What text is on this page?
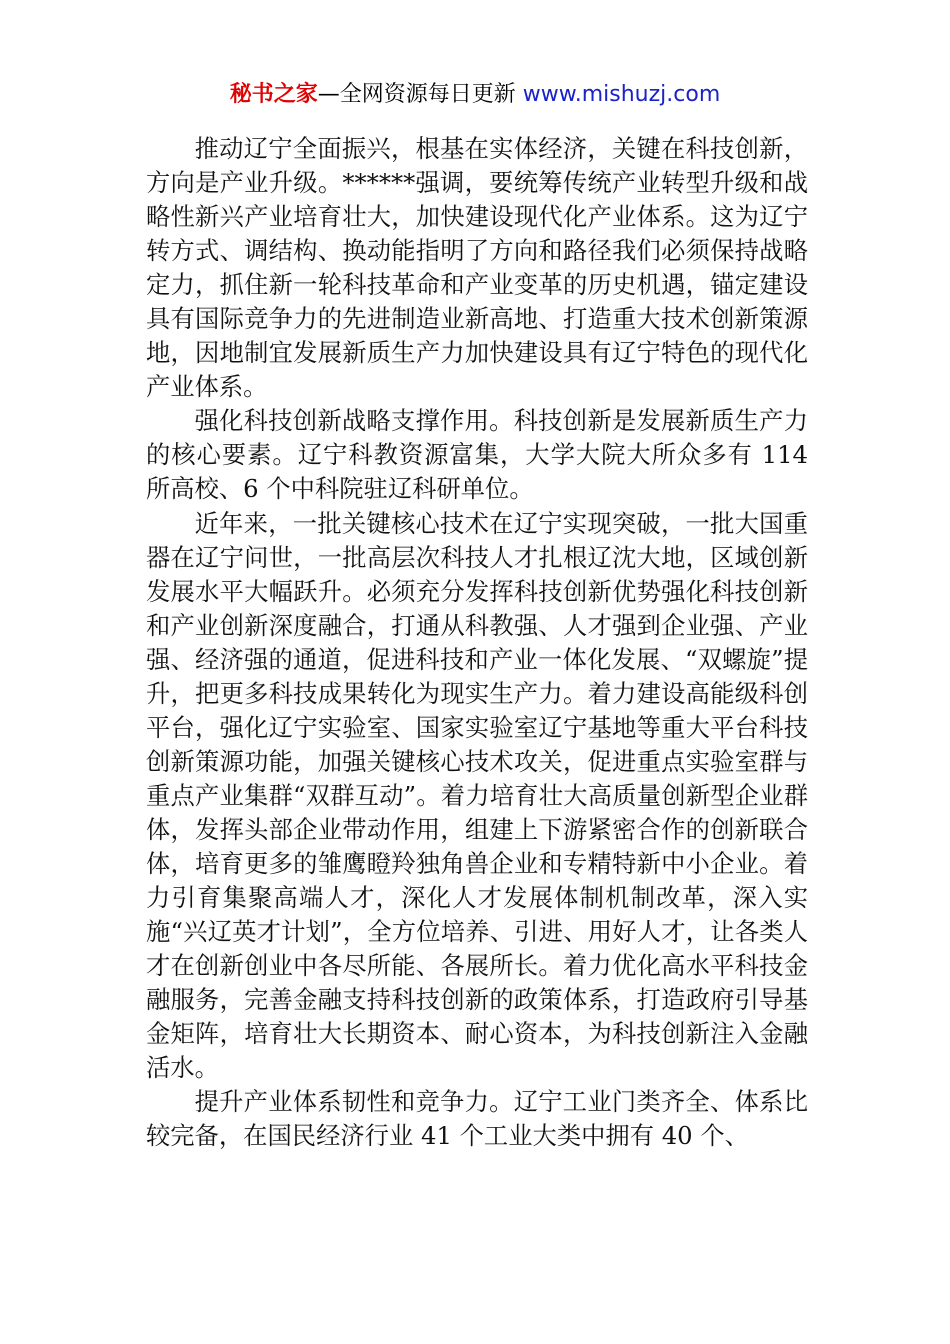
秘书之家—全网资源每日更新 www.mishuzj.com

推动辽宁全面振兴，根基在实体经济，关键在科技创新，方向是产业升级。******强调，要统筹传统产业转型升级和战略性新兴产业培育壮大，加快建设现代化产业体系。这为辽宁转方式、调结构、换动能指明了方向和路径我们必须保持战略定力，抓住新一轮科技革命和产业变革的历史机遇，锚定建设具有国际竞争力的先进制造业新高地、打造重大技术创新策源地，因地制宜发展新质生产力加快建设具有辽宁特色的现代化产业体系。

强化科技创新战略支撑作用。科技创新是发展新质生产力的核心要素。辽宁科教资源富集，大学大院大所众多有 114 所高校、6 个中科院驻辽科研单位。

近年来，一批关键核心技术在辽宁实现突破，一批大国重器在辽宁问世，一批高层次科技人才扎根辽沈大地，区域创新发展水平大幅跃升。必须充分发挥科技创新优势强化科技创新和产业创新深度融合，打通从科教强、人才强到企业强、产业强、经济强的通道，促进科技和产业一体化发展、“双螺旋”提升，把更多科技成果转化为现实生产力。着力建设高能级科创平台，强化辽宁实验室、国家实验室辽宁基地等重大平台科技创新策源功能，加强关键核心技术攻关，促进重点实验室群与重点产业集群“双群互动”。着力培育壮大高质量创新型企业群体，发挥头部企业带动作用，组建上下游紧密合作的创新联合体，培育更多的雏鹰瞪羚独角兽企业和专精特新中小企业。着力引育集聚高端人才，深化人才发展体制机制改革，深入实施“兴辽英才计划”，全方位培养、引进、用好人才，让各类人才在创新创业中各尽所能、各展所长。着力优化高水平科技金融服务，完善金融支持科技创新的政策体系，打造政府引导基金矩阵，培育壮大长期资本、耐心资本，为科技创新注入金融活水。

提升产业体系韧性和竞争力。辽宁工业门类齐全、体系比较完备，在国民经济行业 41 个工业大类中拥有 40 个、
